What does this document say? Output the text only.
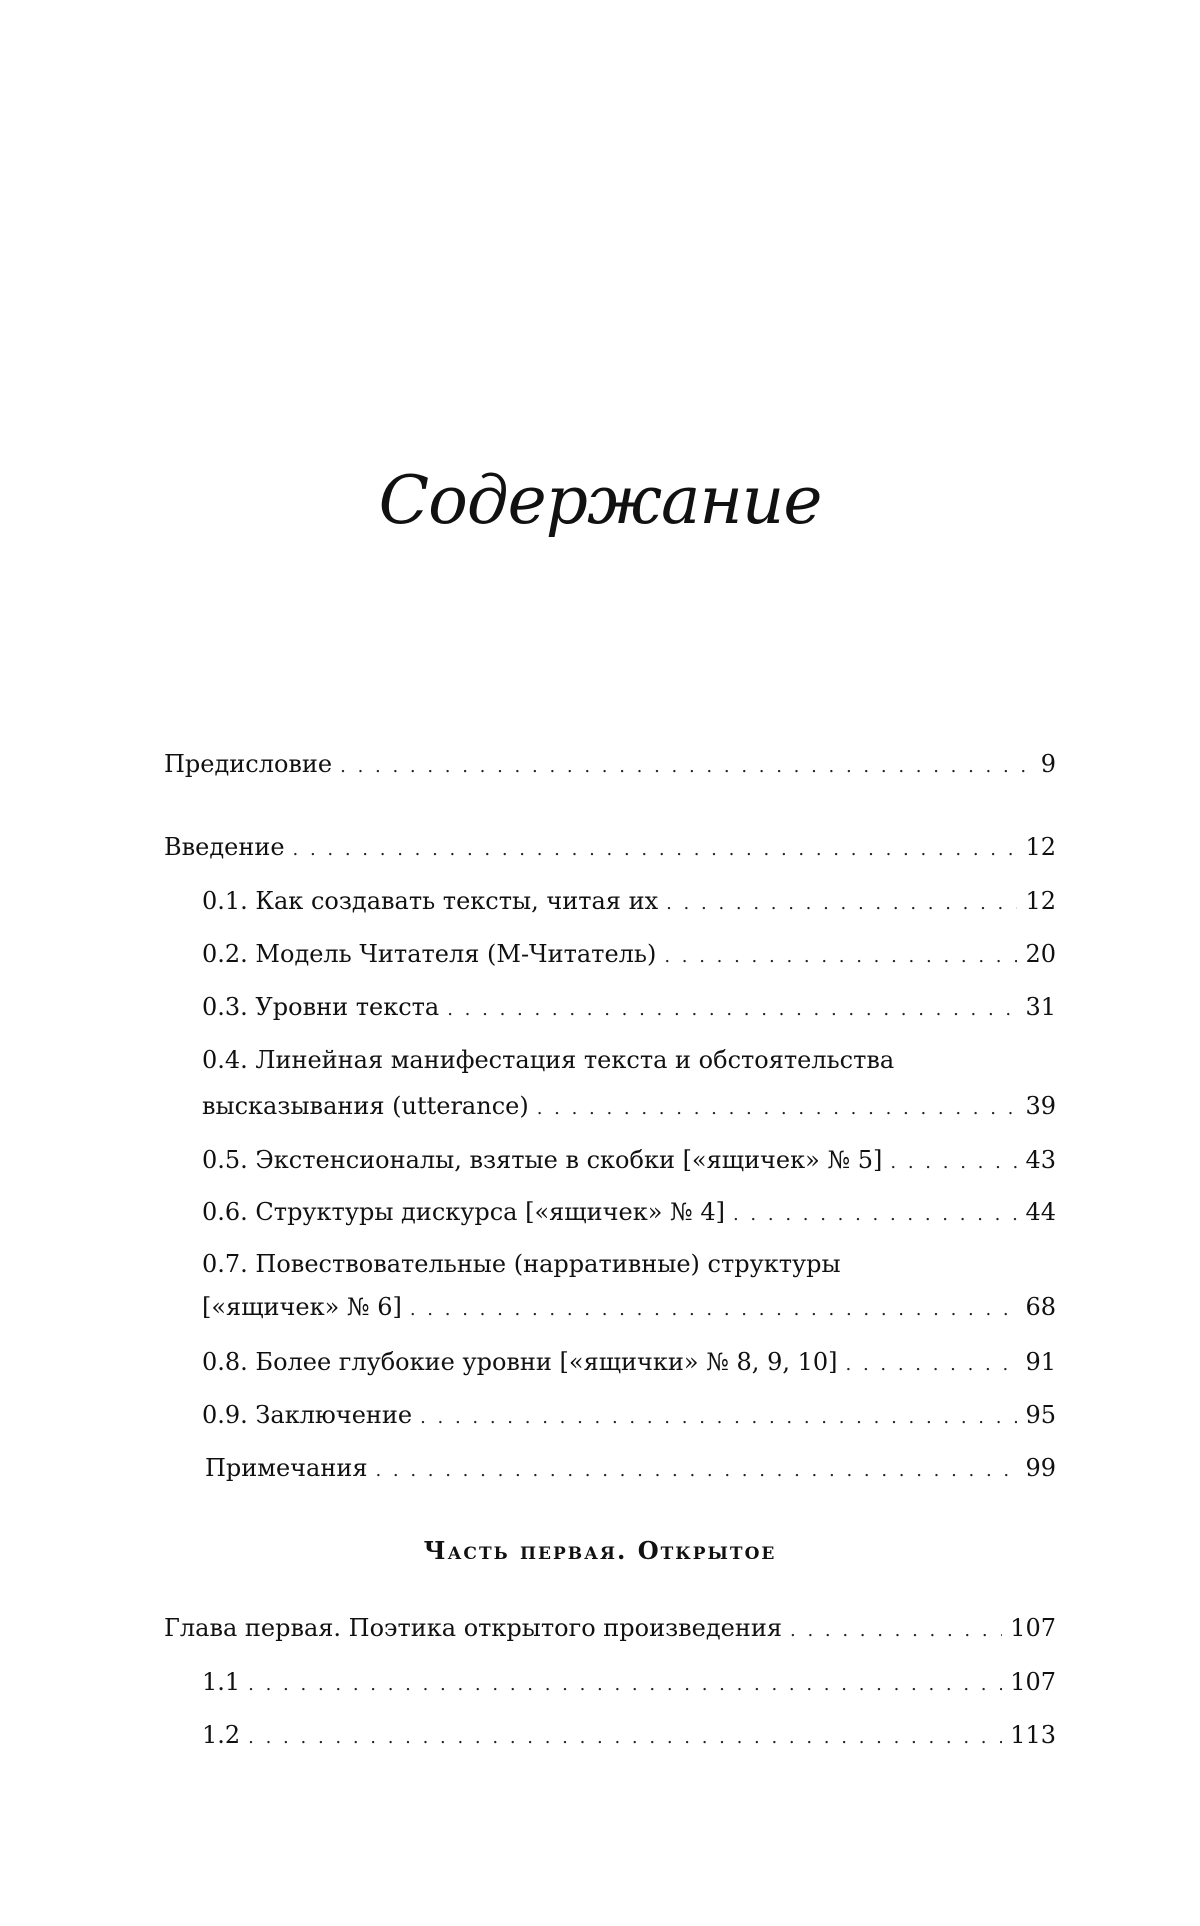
Содержание
Предисловие . . .	9
Введение . . .	12
0.1. Как создавать тексты, читая их . . .	12
0.2. Модель Читателя (М-Читатель) . . .	20
0.3. Уровни текста . . .	31
0.4. Линейная манифестация текста и обстоятельства
высказывания (utterance) . . .	39
0.5. Экстенсионалы, взятые в скобки [«ящичек» № 5] . . .	43
0.6. Структуры дискурса [«ящичек» № 4] . . .	44
0.7. Повествовательные (нарративные) структуры
[«ящичек» № 6] . . .	68
0.8. Более глубокие уровни [«ящички» № 8, 9, 10] . . .	91
0.9. Заключение . . .	95
Примечания . . .	99
Часть первая. Открытое
Глава первая. Поэтика открытого произведения . . .	107
1.1 . . .	107
1.2 . . .	113
